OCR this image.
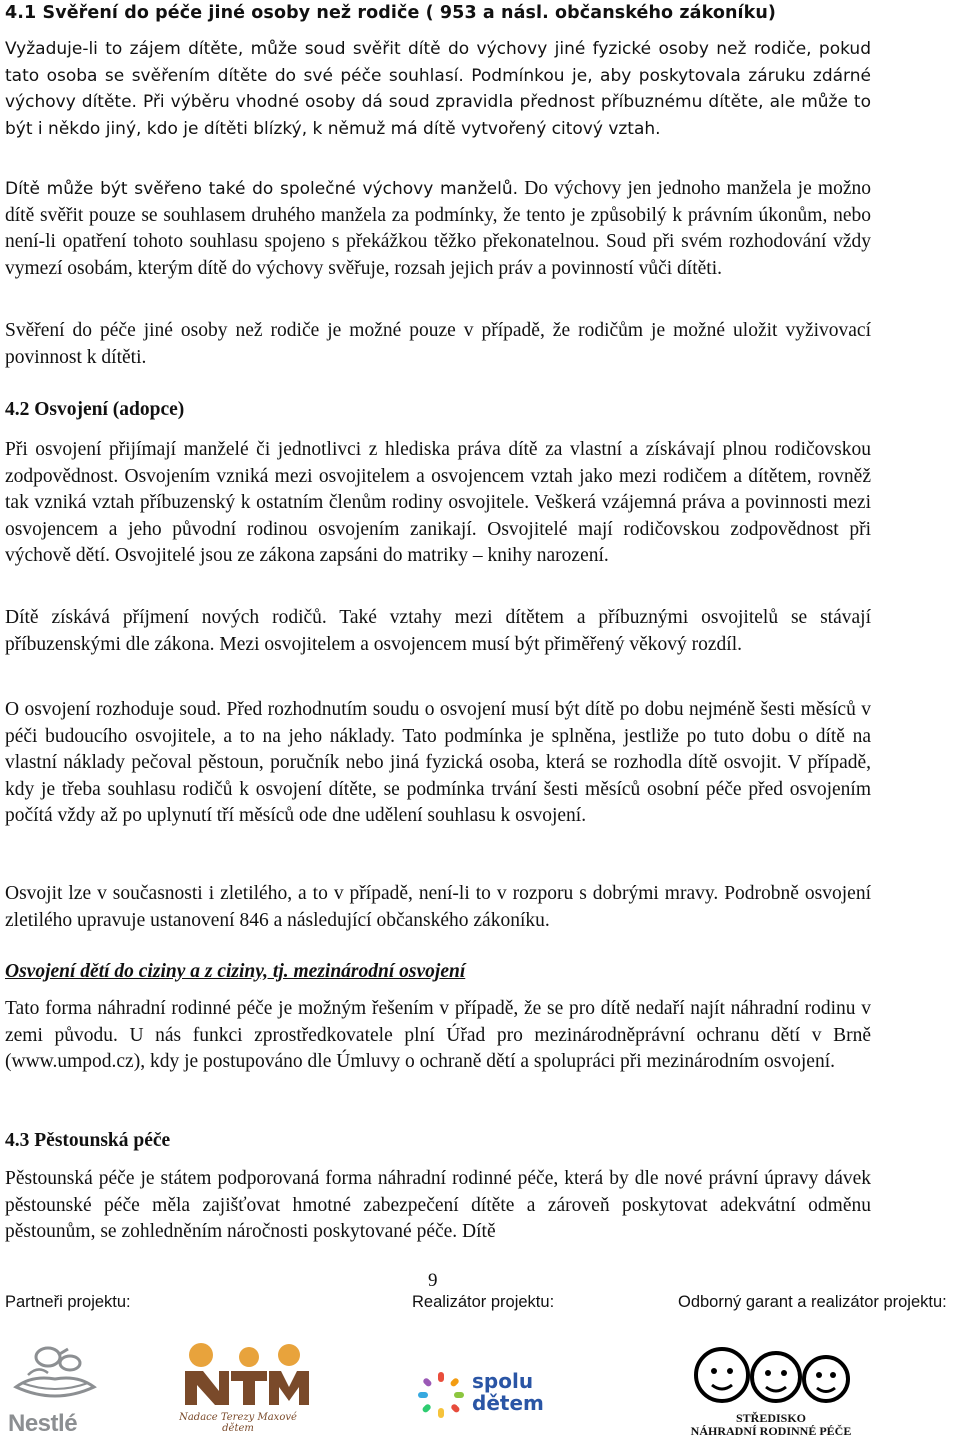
4.1 Svěření do péče jiné osoby než rodiče ( 953 a násl. občanského zákoníku)

Vyžaduje-li to zájem dítěte, může soud svěřit dítě do výchovy jiné fyzické osoby než rodiče, pokud tato osoba se svěřením dítěte do své péče souhlasí. Podmínkou je, aby poskytovala záruku zdárné výchovy dítěte. Při výběru vhodné osoby dá soud zpravidla přednost příbuznému dítěte, ale může to být i někdo jiný, kdo je dítěti blízký, k němuž má dítě vytvořený citový vztah.

Dítě může být svěřeno také do společné výchovy manželů. Do výchovy jen jednoho manžela je možno dítě svěřit pouze se souhlasem druhého manžela za podmínky, že tento je způsobilý k právním úkonům, nebo není-li opatření tohoto souhlasu spojeno s překážkou těžko překonatelnou. Soud při svém rozhodování vždy vymezí osobám, kterým dítě do výchovy svěřuje, rozsah jejich práv a povinností vůči dítěti.

Svěření do péče jiné osoby než rodiče je možné pouze v případě, že rodičům je možné uložit vyživovací povinnost k dítěti.

4.2 Osvojení (adopce)

Při osvojení přijímají manželé či jednotlivci z hlediska práva dítě za vlastní a získávají plnou rodičovskou zodpovědnost. Osvojením vzniká mezi osvojitelem a osvojencem vztah jako mezi rodičem a dítětem, rovněž tak vzniká vztah příbuzenský k ostatním členům rodiny osvojitele. Veškerá vzájemná práva a povinnosti mezi osvojencem a jeho původní rodinou osvojením zanikají. Osvojitelé mají rodičovskou zodpovědnost při výchově dětí. Osvojitelé jsou ze zákona zapsáni do matriky – knihy narození.

Dítě získává příjmení nových rodičů. Také vztahy mezi dítětem a příbuznými osvojitelů se stávají příbuzenskými dle zákona. Mezi osvojitelem a osvojencem musí být přiměřený věkový rozdíl.

O osvojení rozhoduje soud. Před rozhodnutím soudu o osvojení musí být dítě po dobu nejméně šesti měsíců v péči budoucího osvojitele, a to na jeho náklady. Tato podmínka je splněna, jestliže po tuto dobu o dítě na vlastní náklady pečoval pěstoun, poručník nebo jiná fyzická osoba, která se rozhodla dítě osvojit. V případě, kdy je třeba souhlasu rodičů k osvojení dítěte, se podmínka trvání šesti měsíců osobní péče před osvojením počítá vždy až po uplynutí tří měsíců ode dne udělení souhlasu k osvojení.

Osvojit lze v současnosti i zletilého, a to v případě, není-li to v rozporu s dobrými mravy. Podrobně osvojení zletilého upravuje ustanovení 846 a následující občanského zákoníku.

Osvojení dětí do ciziny a z ciziny, tj. mezinárodní osvojení

Tato forma náhradní rodinné péče je možným řešením v případě, že se pro dítě nedaří najít náhradní rodinu v zemi původu. U nás funkci zprostředkovatele plní Úřad pro mezinárodněprávní ochranu dětí v Brně (www.umpod.cz), kdy je postupováno dle Úmluvy o ochraně dětí a spolupráci při mezinárodním osvojení.

4.3 Pěstounská péče

Pěstounská péče je státem podporovaná forma náhradní rodinné péče, která by dle nové právní úpravy dávek pěstounské péče měla zajišťovat hmotné zabezpečení dítěte a zároveň poskytovat adekvátní odměnu pěstounům, se zohledněním náročnosti poskytované péče. Dítě

9
Partneři projektu:	Realizátor projektu:	Odborný garant a realizátor projektu:
Nestlé	Nadace Terezy Maxové dětem
spolu dětem
STŘEDISKO
NÁHRADNÍ RODINNÉ PÉČE
